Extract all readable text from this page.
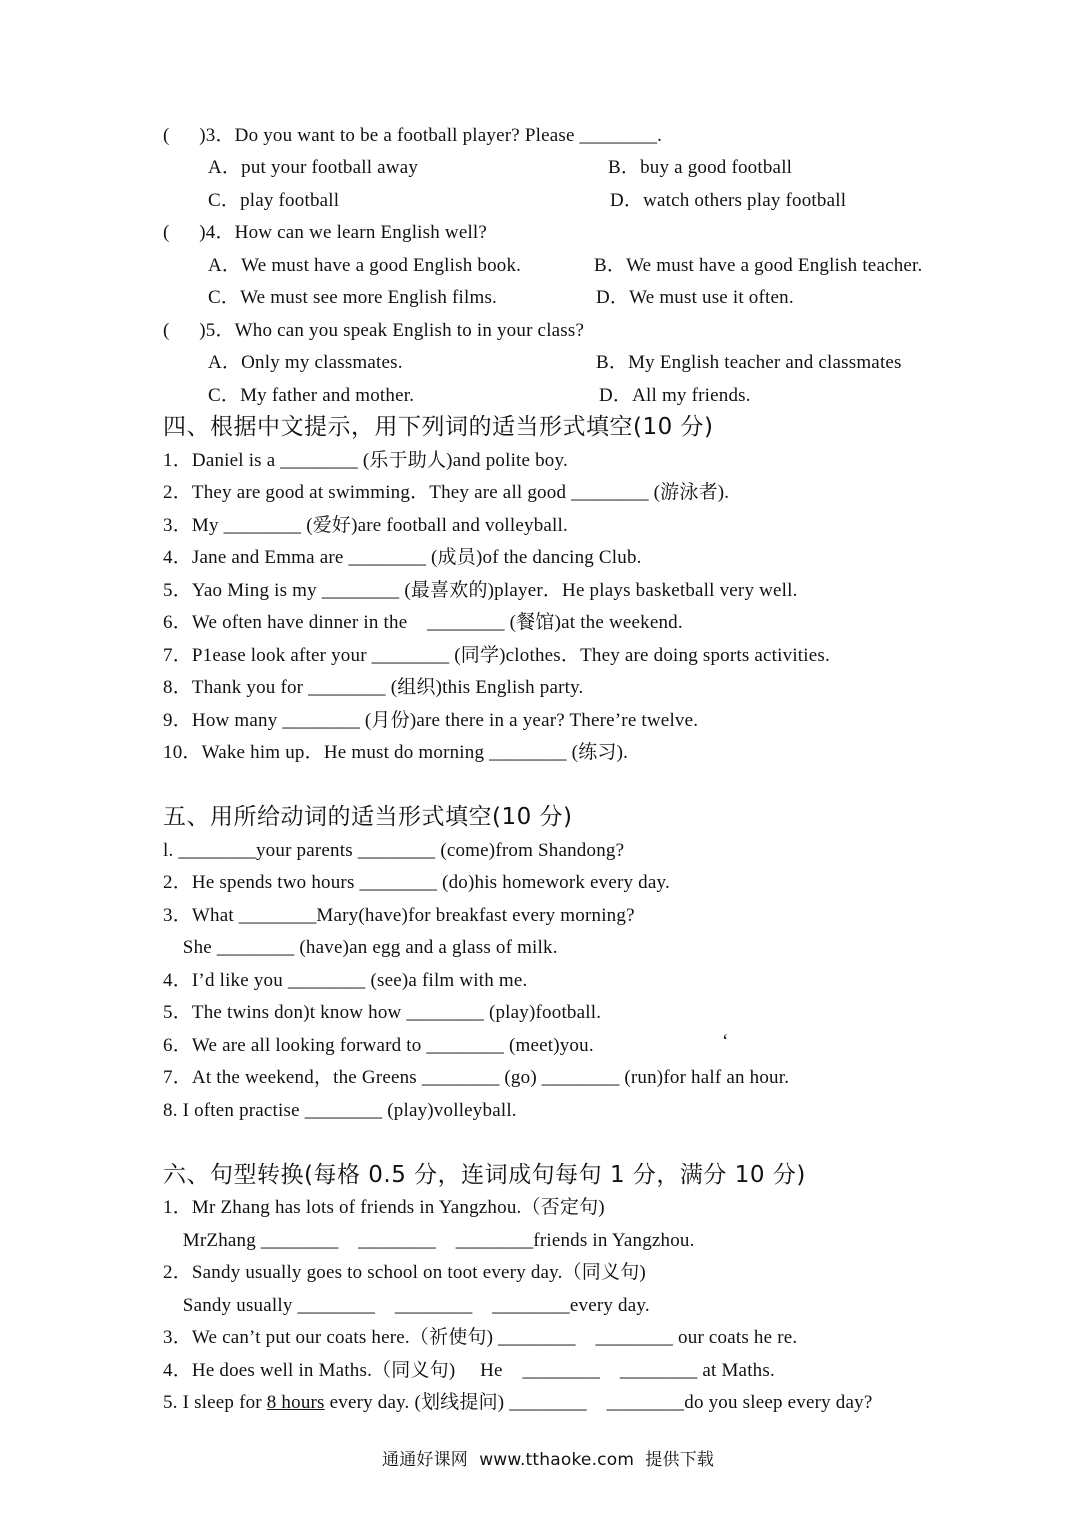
(      )3．Do you want to be a football player? Please ________.
A．put your football away	B．buy a good football
C．play football	D．watch others play football
(      )4．How can we learn English well?
A．We must have a good English book.	B．We must have a good English teacher.
C．We must see more English films.	D．We must use it often.
(      )5．Who can you speak English to in your class?
A．Only my classmates.	B．My English teacher and classmates
C．My father and mother.	D．All my friends.
四、根据中文提示，用下列词的适当形式填空(10 分)
1．Daniel is a ________ (乐于助人)and polite boy.
2．They are good at swimming．They are all good ________ (游泳者).
3．My ________ (爱好)are football and volleyball.
4．Jane and Emma are ________ (成员)of the dancing Club.
5．Yao Ming is my ________ (最喜欢的)player．He plays basketball very well.
6．We often have dinner in the    ________ (餐馆)at the weekend.
7．P1ease look after your ________ (同学)clothes．They are doing sports activities.
8．Thank you for ________ (组织)this English party.
9．How many ________ (月份)are there in a year? There’re twelve.
10．Wake him up．He must do morning ________ (练习).
五、用所给动词的适当形式填空(10 分)
l. ________your parents ________ (come)from Shandong?
2．He spends two hours ________ (do)his homework every day.
3．What ________Mary(have)for breakfast every morning?
She ________ (have)an egg and a glass of milk.
4．I’d like you ________ (see)a film with me.
5．The twins don)t know how ________ (play)football.
6．We are all looking forward to ________ (meet)you.	‘
7．At the weekend，the Greens ________ (go) ________ (run)for half an hour.
8. I often practise ________ (play)volleyball.
六、句型转换(每格 0.5 分，连词成句每句 1 分，满分 10 分)
1．Mr Zhang has lots of friends in Yangzhou.（否定句)
MrZhang ________    ________    ________friends in Yangzhou.
2．Sandy usually goes to school on toot every day.（同义句)
Sandy usually ________    ________    ________every day.
3．We can’t put our coats here.（祈使句) ________    ________ our coats he re.
4．He does well in Maths.（同义句)     He    ________    ________ at Maths.
5. I sleep for 8 hours every day. (划线提问) ________    ________do you sleep every day?
通通好课网  www.tthaoke.com  提供下载
